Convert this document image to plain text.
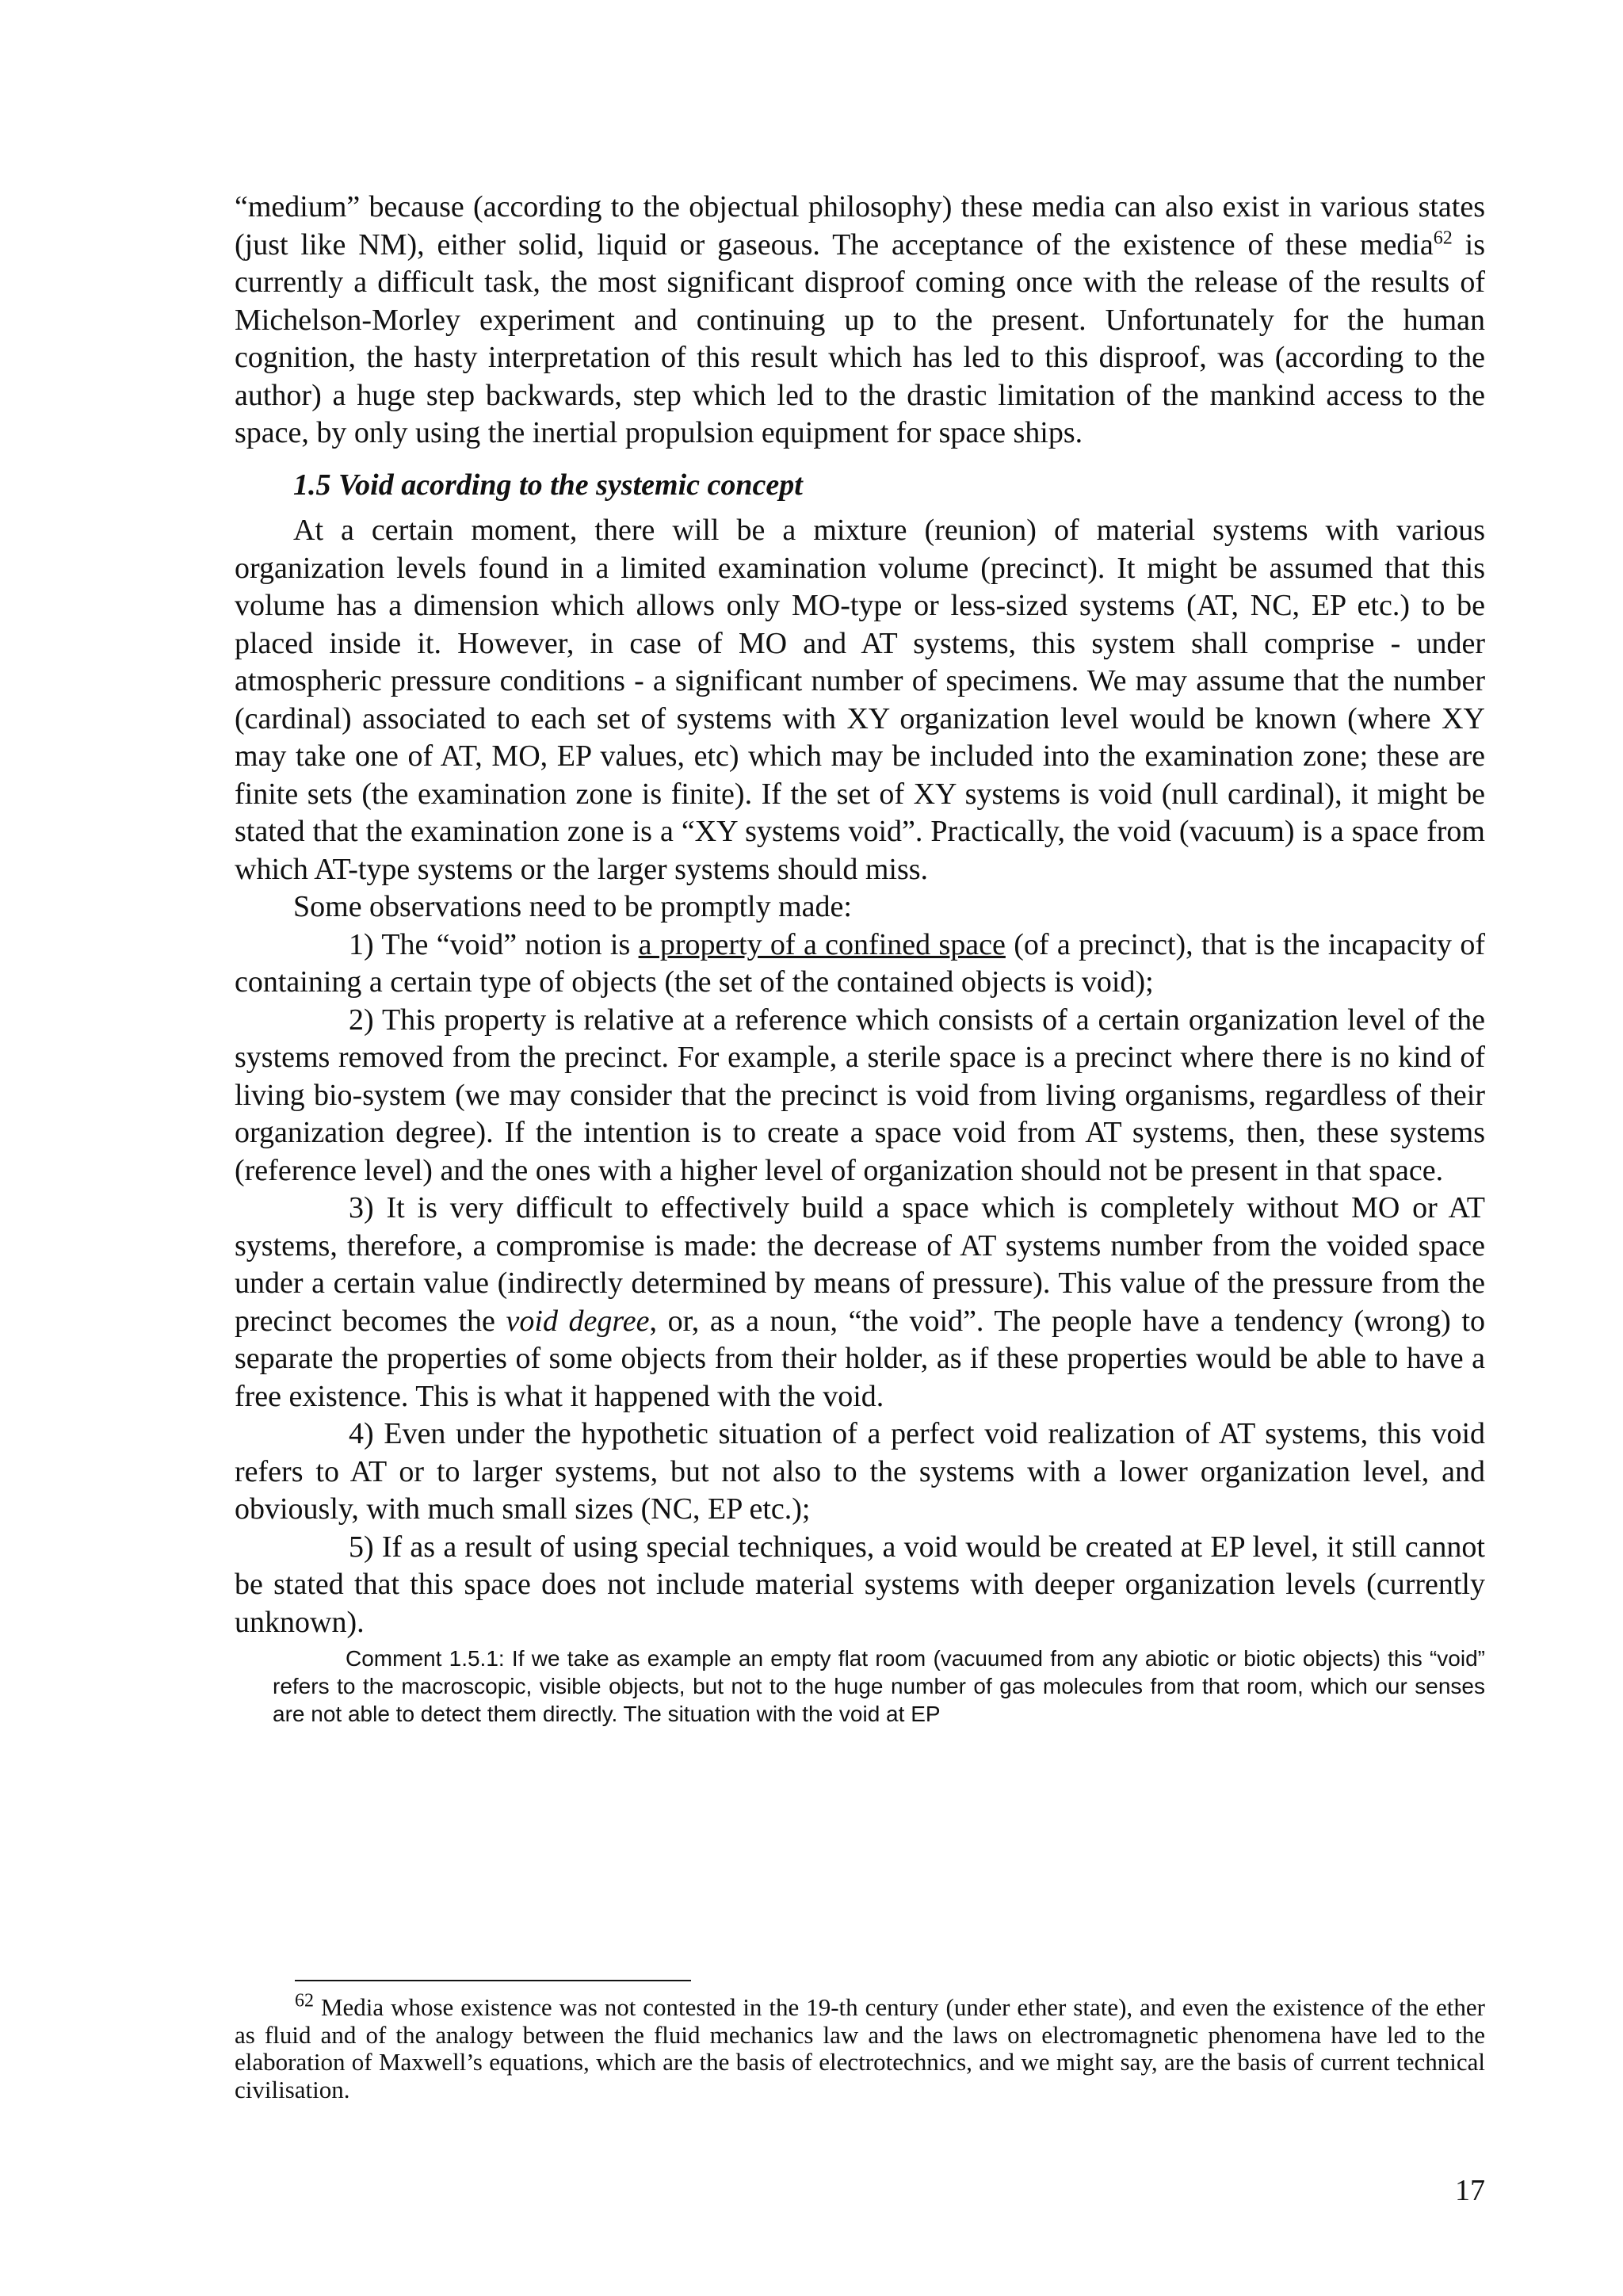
“medium” because (according to the objectual philosophy) these media can also exist in various states (just like NM), either solid, liquid or gaseous. The acceptance of the existence of these media$^{62}$ is currently a difficult task, the most significant disproof coming once with the release of the results of Michelson-Morley experiment and continuing up to the present. Unfortunately for the human cognition, the hasty interpretation of this result which has led to this disproof, was (according to the author) a huge step backwards, step which led to the drastic limitation of the mankind access to the space, by only using the inertial propulsion equipment for space ships.

1.5 Void acording to the systemic concept

At a certain moment, there will be a mixture (reunion) of material systems with various organization levels found in a limited examination volume (precinct). It might be assumed that this volume has a dimension which allows only MO-type or less-sized systems (AT, NC, EP etc.) to be placed inside it. However, in case of MO and AT systems, this system shall comprise - under atmospheric pressure conditions - a significant number of specimens. We may assume that the number (cardinal) associated to each set of systems with XY organization level would be known (where XY may take one of AT, MO, EP values, etc) which may be included into the examination zone; these are finite sets (the examination zone is finite). If the set of XY systems is void (null cardinal), it might be stated that the examination zone is a “XY systems void”. Practically, the void (vacuum) is a space from which AT-type systems or the larger systems should miss.

Some observations need to be promptly made:

1) The “void” notion is a property of a confined space (of a precinct), that is the incapacity of containing a certain type of objects (the set of the contained objects is void);

2) This property is relative at a reference which consists of a certain organization level of the systems removed from the precinct. For example, a sterile space is a precinct where there is no kind of living bio-system (we may consider that the precinct is void from living organisms, regardless of their organization degree). If the intention is to create a space void from AT systems, then, these systems (reference level) and the ones with a higher level of organization should not be present in that space.

3) It is very difficult to effectively build a space which is completely without MO or AT systems, therefore, a compromise is made: the decrease of AT systems number from the voided space under a certain value (indirectly determined by means of pressure). This value of the pressure from the precinct becomes the void degree, or, as a noun, “the void”. The people have a tendency (wrong) to separate the properties of some objects from their holder, as if these properties would be able to have a free existence. This is what it happened with the void.

4) Even under the hypothetic situation of a perfect void realization of AT systems, this void refers to AT or to larger systems, but not also to the systems with a lower organization level, and obviously, with much small sizes (NC, EP etc.);

5) If as a result of using special techniques, a void would be created at EP level, it still cannot be stated that this space does not include material systems with deeper organization levels (currently unknown).

Comment 1.5.1: If we take as example an empty flat room (vacuumed from any abiotic or biotic objects) this “void” refers to the macroscopic, visible objects, but not to the huge number of gas molecules from that room, which our senses are not able to detect them directly. The situation with the void at EP

$^{62}$ Media whose existence was not contested in the 19-th century (under ether state), and even the existence of the ether as fluid and of the analogy between the fluid mechanics law and the laws on electromagnetic phenomena have led to the elaboration of Maxwell’s equations, which are the basis of electrotechnics, and we might say, are the basis of current technical civilisation.

17
